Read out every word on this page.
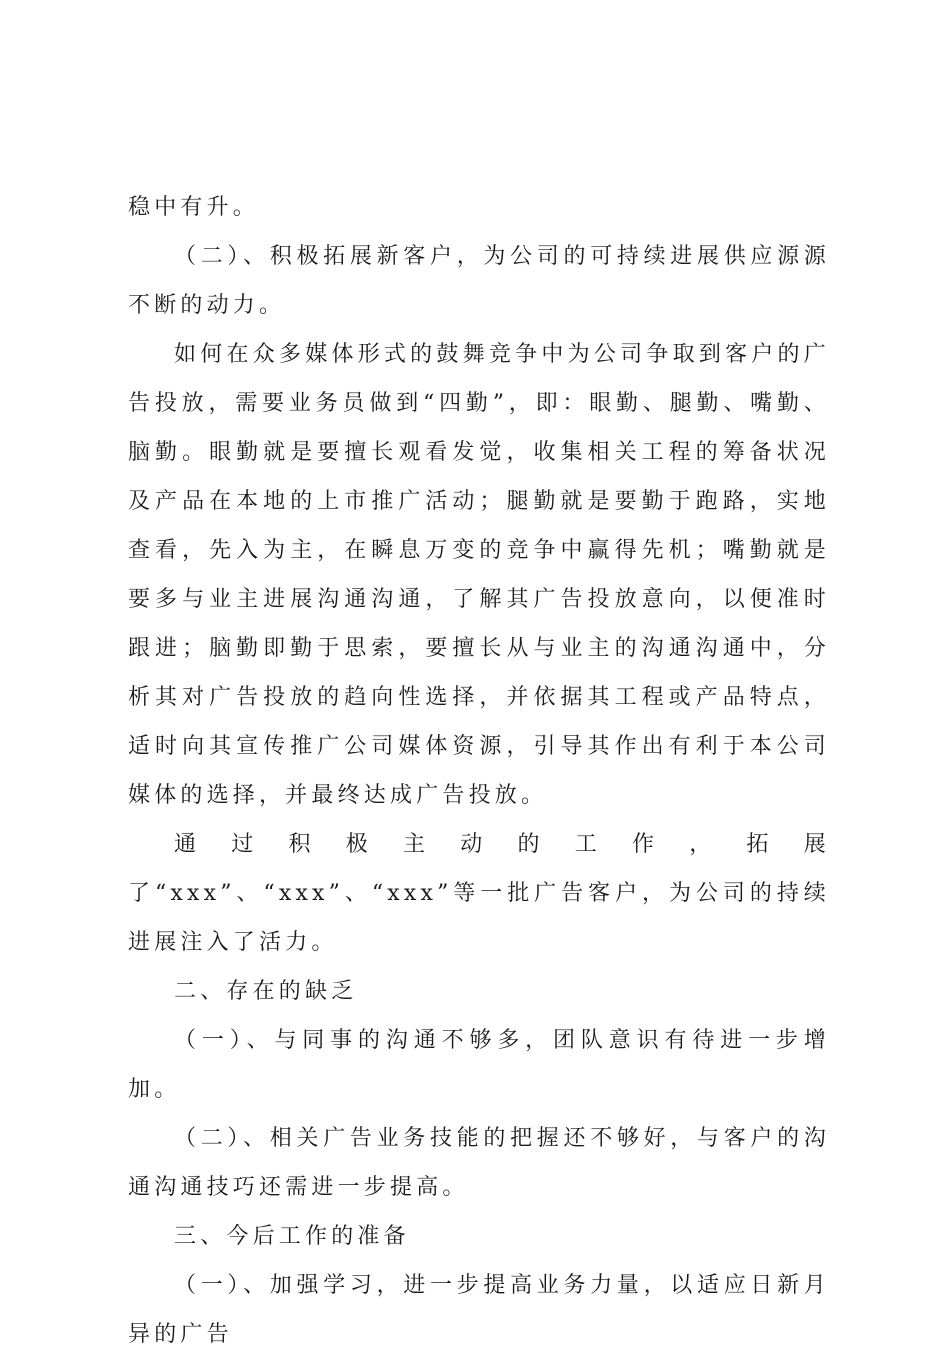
稳中有升。

（二）、积极拓展新客户，为公司的可持续进展供应源源不断的动力。

如何在众多媒体形式的鼓舞竞争中为公司争取到客户的广告投放，需要业务员做到“四勤”，即：眼勤、腿勤、嘴勤、脑勤。眼勤就是要擅长观看发觉，收集相关工程的筹备状况及产品在本地的上市推广活动；腿勤就是要勤于跑路，实地查看，先入为主，在瞬息万变的竞争中赢得先机；嘴勤就是要多与业主进展沟通沟通，了解其广告投放意向，以便准时跟进；脑勤即勤于思索，要擅长从与业主的沟通沟通中，分析其对广告投放的趋向性选择，并依据其工程或产品特点，适时向其宣传推广公司媒体资源，引导其作出有利于本公司媒体的选择，并最终达成广告投放。

通过积极主动的工作，拓展了“xxx”、“xxx”、“xxx”等一批广告客户，为公司的持续进展注入了活力。

二、存在的缺乏

（一）、与同事的沟通不够多，团队意识有待进一步增加。

（二）、相关广告业务技能的把握还不够好，与客户的沟通沟通技巧还需进一步提高。

三、今后工作的准备

（一）、加强学习，进一步提高业务力量，以适应日新月异的广告
